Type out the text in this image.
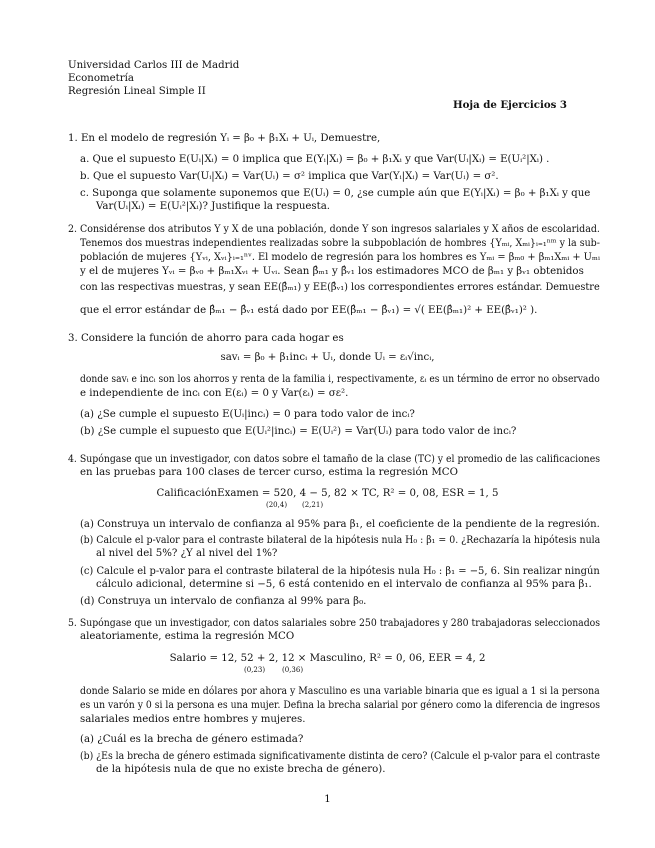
Universidad Carlos III de Madrid
Econometría
Regresión Lineal Simple II
Hoja de Ejercicios 3
1. En el modelo de regresión Yᵢ = β₀ + β₁Xᵢ + Uᵢ, Demuestre,
a. Que el supuesto E(Uᵢ|Xᵢ) = 0 implica que E(Yᵢ|Xᵢ) = β₀ + β₁Xᵢ y que Var(Uᵢ|Xᵢ) = E(Uᵢ²|Xᵢ) .
b. Que el supuesto Var(Uᵢ|Xᵢ) = Var(Uᵢ) = σ² implica que Var(Yᵢ|Xᵢ) = Var(Uᵢ) = σ².
c. Suponga que solamente suponemos que E(Uᵢ) = 0, ¿se cumple aún que E(Yᵢ|Xᵢ) = β₀ + β₁Xᵢ y que
Var(Uᵢ|Xᵢ) = E(Uᵢ²|Xᵢ)? Justifique la respuesta.
2. Considérense dos atributos Y y X de una población, donde Y son ingresos salariales y X años de escolaridad.
Tenemos dos muestras independientes realizadas sobre la subpoblación de hombres {Yₘᵢ, Xₘᵢ}ᵢ₌₁ⁿᵐ y la sub-
población de mujeres {Yᵥᵢ, Xᵥᵢ}ᵢ₌₁ⁿᵛ. El modelo de regresión para los hombres es Yₘᵢ = βₘ₀ + βₘ₁Xₘᵢ + Uₘᵢ
y el de mujeres Yᵥᵢ = βᵥ₀ + βₘ₁Xᵥᵢ + Uᵥᵢ. Sean β̂ₘ₁ y β̂ᵥ₁ los estimadores MCO de βₘ₁ y βᵥ₁ obtenidos
con las respectivas muestras, y sean EE(β̂ₘ₁) y EE(β̂ᵥ₁) los correspondientes errores estándar. Demuestre
que el error estándar de β̂ₘ₁ − β̂ᵥ₁ está dado por EE(β̂ₘ₁ − β̂ᵥ₁) = √( EE(β̂ₘ₁)² + EE(β̂ᵥ₁)² ).
3. Considere la función de ahorro para cada hogar es
savᵢ = β₀ + β₁incᵢ + Uᵢ, donde Uᵢ = εᵢ√incᵢ,
donde savᵢ e incᵢ son los ahorros y renta de la familia i, respectivamente, εᵢ es un término de error no observado
e independiente de incᵢ con E(εᵢ) = 0 y Var(εᵢ) = σε².
(a) ¿Se cumple el supuesto E(Uᵢ|incᵢ) = 0 para todo valor de incᵢ?
(b) ¿Se cumple el supuesto que E(Uᵢ²|incᵢ) = E(Uᵢ²) = Var(Uᵢ) para todo valor de incᵢ?
4. Supóngase que un investigador, con datos sobre el tamaño de la clase (TC) y el promedio de las calificaciones
en las pruebas para 100 clases de tercer curso, estima la regresión MCO
CalificaciónExamen = 520, 4 − 5, 82 × TC, R² = 0, 08, ESR = 1, 5
(20,4) (2,21)
(a) Construya un intervalo de confianza al 95% para β₁, el coeficiente de la pendiente de la regresión.
(b) Calcule el p-valor para el contraste bilateral de la hipótesis nula H₀ : β₁ = 0. ¿Rechazaría la hipótesis nula
al nivel del 5%? ¿Y al nivel del 1%?
(c) Calcule el p-valor para el contraste bilateral de la hipótesis nula H₀ : β₁ = −5, 6. Sin realizar ningún
cálculo adicional, determine si −5, 6 está contenido en el intervalo de confianza al 95% para β₁.
(d) Construya un intervalo de confianza al 99% para β₀.
5. Supóngase que un investigador, con datos salariales sobre 250 trabajadores y 280 trabajadoras seleccionados
aleatoriamente, estima la regresión MCO
Salario = 12, 52 + 2, 12 × Masculino, R² = 0, 06, EER = 4, 2
(0,23) (0,36)
donde Salario se mide en dólares por ahora y Masculino es una variable binaria que es igual a 1 si la persona
es un varón y 0 si la persona es una mujer. Defina la brecha salarial por género como la diferencia de ingresos
salariales medios entre hombres y mujeres.
(a) ¿Cuál es la brecha de género estimada?
(b) ¿Es la brecha de género estimada significativamente distinta de cero? (Calcule el p-valor para el contraste
de la hipótesis nula de que no existe brecha de género).
1
